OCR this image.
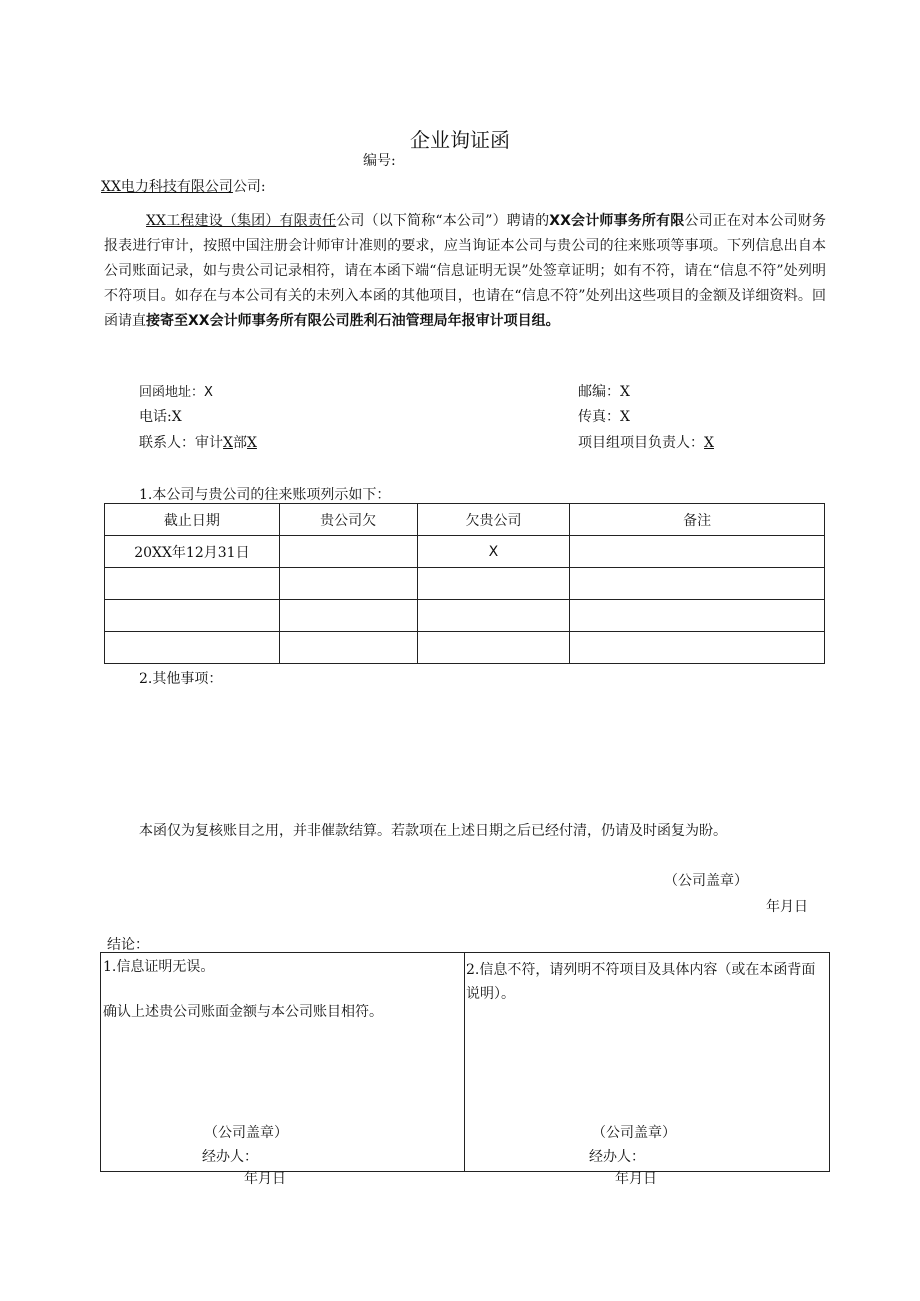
企业询证函
编号:
XX电力科技有限公司公司:
XX工程建设（集团）有限责任公司（以下简称“本公司”）聘请的XX会计师事务所有限公司正在对本公司财务报表进行审计，按照中国注册会计师审计准则的要求，应当询证本公司与贵公司的往来账项等事项。下列信息出自本公司账面记录，如与贵公司记录相符，请在本函下端“信息证明无误”处签章证明；如有不符，请在“信息不符”处列明不符项目。如存在与本公司有关的未列入本函的其他项目，也请在“信息不符”处列出这些项目的金额及详细资料。回函请直接寄至XX会计师事务所有限公司胜利石油管理局年报审计项目组。
回函地址：X	邮编：X
电话:X	传真：X
联系人：审计X部X	项目组项目负责人：X
1.本公司与贵公司的往来账项列示如下：
截止日期	贵公司欠	欠贵公司	备注
20XX年12月31日		X	

2.其他事项：
本函仅为复核账目之用，并非催款结算。若款项在上述日期之后已经付清，仍请及时函复为盼。
（公司盖章）
年月日
结论：
1.信息证明无误。
确认上述贵公司账面金额与本公司账目相符。
（公司盖章）
经办人：
年月日
2.信息不符，请列明不符项目及具体内容（或在本函背面说明）。
（公司盖章）
经办人：
年月日
